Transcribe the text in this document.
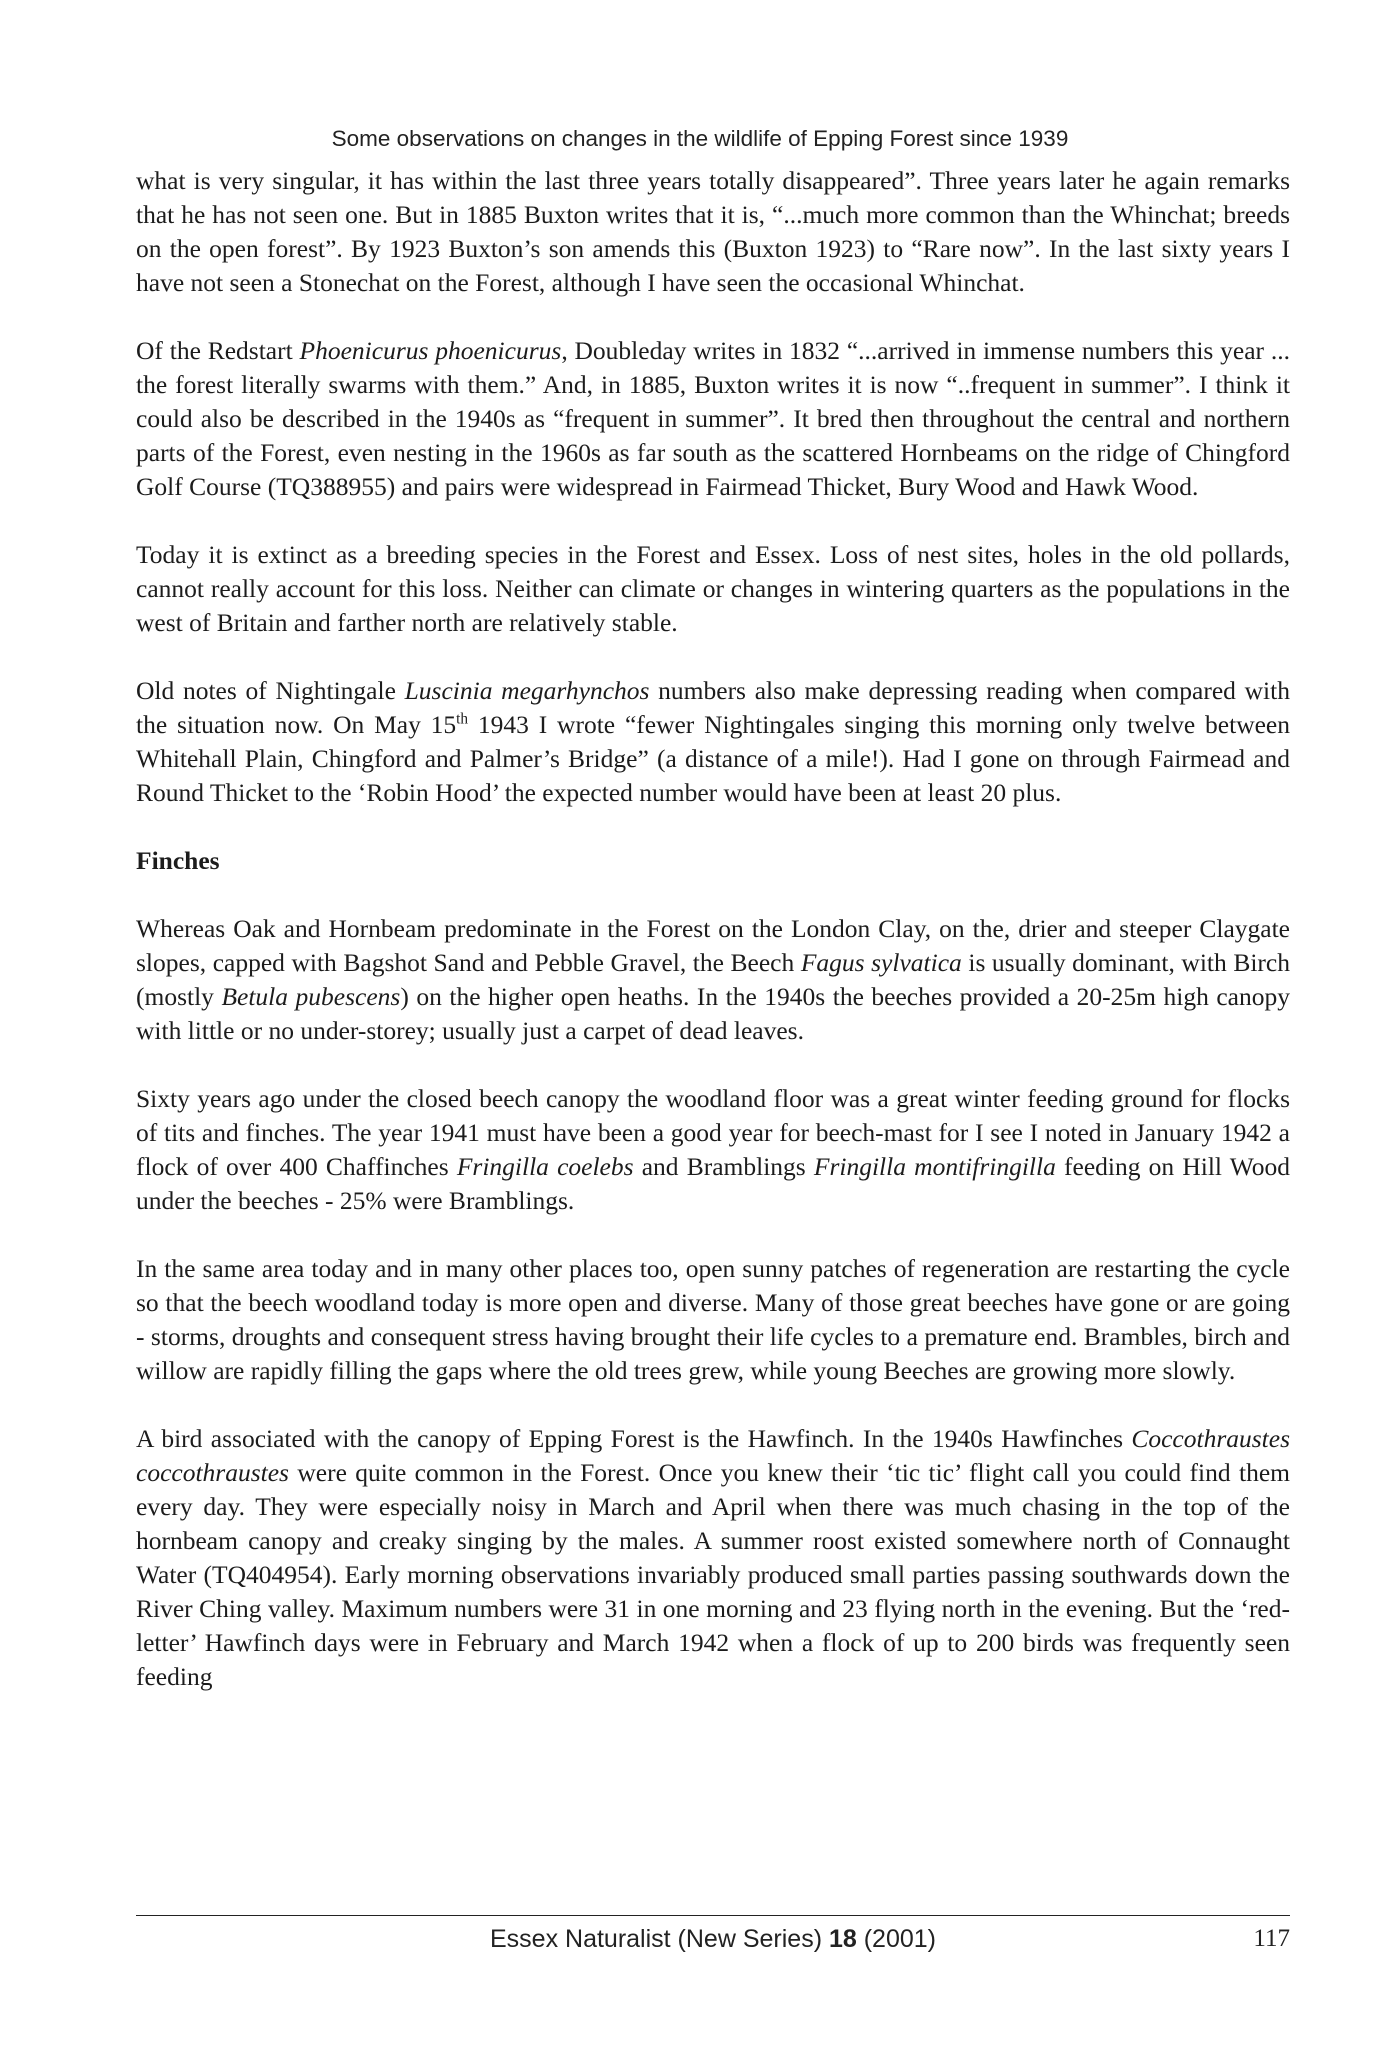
Some observations on changes in the wildlife of Epping Forest since 1939

what is very singular, it has within the last three years totally disappeared”. Three years later he again remarks that he has not seen one. But in 1885 Buxton writes that it is, “...much more common than the Whinchat; breeds on the open forest”. By 1923 Buxton’s son amends this (Buxton 1923) to “Rare now”. In the last sixty years I have not seen a Stonechat on the Forest, although I have seen the occasional Whinchat.

Of the Redstart Phoenicurus phoenicurus, Doubleday writes in 1832 “...arrived in immense numbers this year ... the forest literally swarms with them.” And, in 1885, Buxton writes it is now “..frequent in summer”. I think it could also be described in the 1940s as “frequent in summer”. It bred then throughout the central and northern parts of the Forest, even nesting in the 1960s as far south as the scattered Hornbeams on the ridge of Chingford Golf Course (TQ388955) and pairs were widespread in Fairmead Thicket, Bury Wood and Hawk Wood.

Today it is extinct as a breeding species in the Forest and Essex. Loss of nest sites, holes in the old pollards, cannot really account for this loss. Neither can climate or changes in wintering quarters as the populations in the west of Britain and farther north are relatively stable.

Old notes of Nightingale Luscinia megarhynchos numbers also make depressing reading when compared with the situation now. On May 15th 1943 I wrote “fewer Nightingales singing this morning only twelve between Whitehall Plain, Chingford and Palmer’s Bridge” (a distance of a mile!). Had I gone on through Fairmead and Round Thicket to the ‘Robin Hood’ the expected number would have been at least 20 plus.

Finches

Whereas Oak and Hornbeam predominate in the Forest on the London Clay, on the, drier and steeper Claygate slopes, capped with Bagshot Sand and Pebble Gravel, the Beech Fagus sylvatica is usually dominant, with Birch (mostly Betula pubescens) on the higher open heaths. In the 1940s the beeches provided a 20-25m high canopy with little or no under-storey; usually just a carpet of dead leaves.

Sixty years ago under the closed beech canopy the woodland floor was a great winter feeding ground for flocks of tits and finches. The year 1941 must have been a good year for beech-mast for I see I noted in January 1942 a flock of over 400 Chaffinches Fringilla coelebs and Bramblings Fringilla montifringilla feeding on Hill Wood under the beeches - 25% were Bramblings.

In the same area today and in many other places too, open sunny patches of regeneration are restarting the cycle so that the beech woodland today is more open and diverse. Many of those great beeches have gone or are going - storms, droughts and consequent stress having brought their life cycles to a premature end. Brambles, birch and willow are rapidly filling the gaps where the old trees grew, while young Beeches are growing more slowly.

A bird associated with the canopy of Epping Forest is the Hawfinch. In the 1940s Hawfinches Coccothraustes coccothraustes were quite common in the Forest. Once you knew their ‘tic tic’ flight call you could find them every day. They were especially noisy in March and April when there was much chasing in the top of the hornbeam canopy and creaky singing by the males. A summer roost existed somewhere north of Connaught Water (TQ404954). Early morning observations invariably produced small parties passing southwards down the River Ching valley. Maximum numbers were 31 in one morning and 23 flying north in the evening. But the ‘red-letter’ Hawfinch days were in February and March 1942 when a flock of up to 200 birds was frequently seen feeding

Essex Naturalist (New Series) 18 (2001)	117
